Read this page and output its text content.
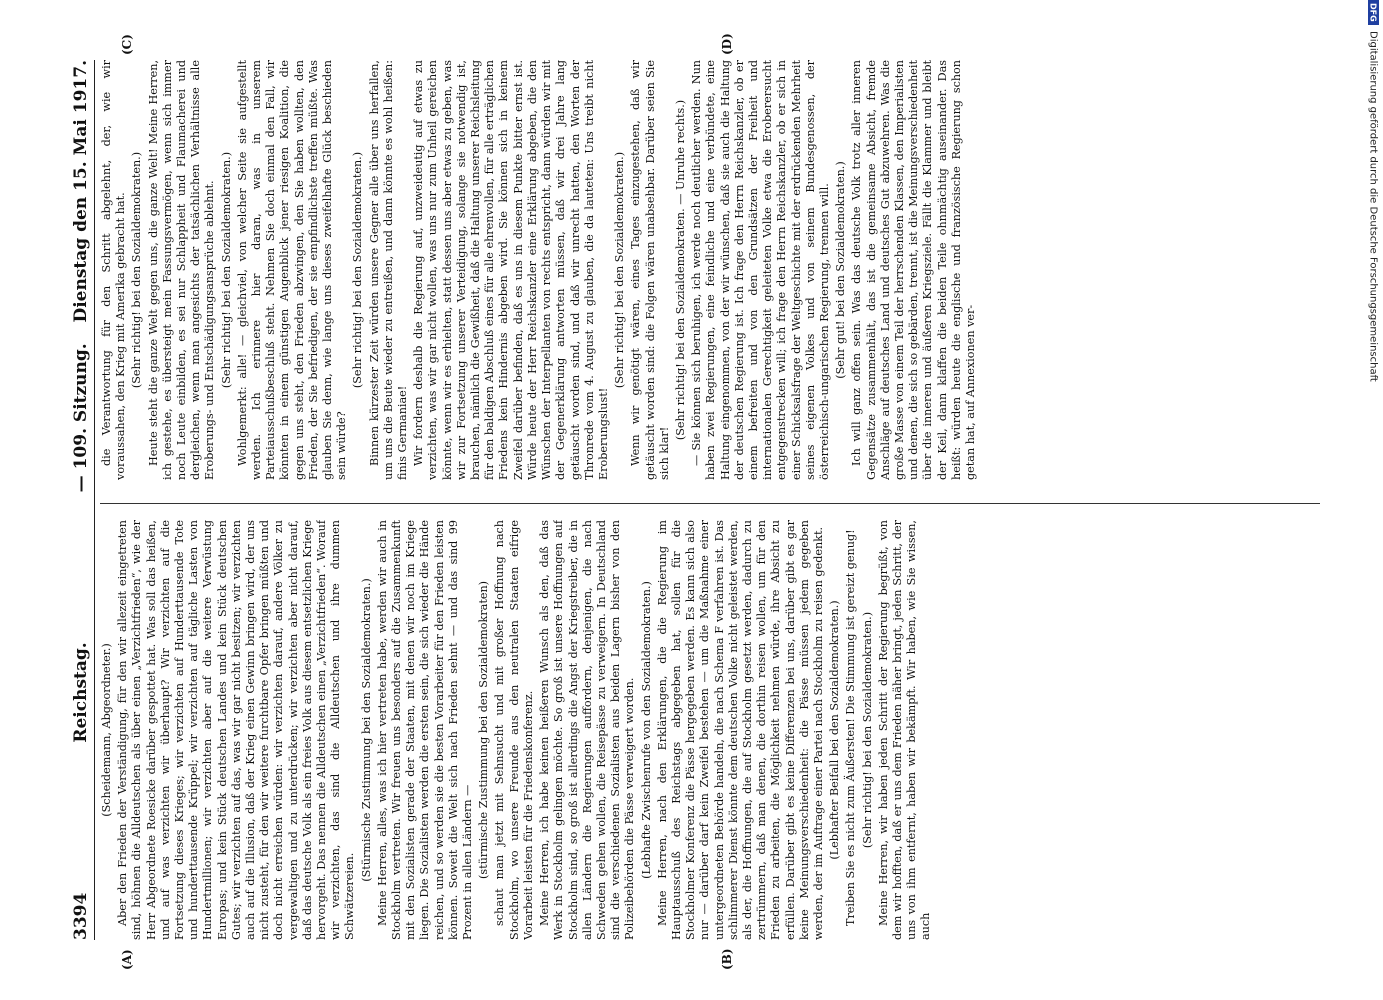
3394
Reichstag.
— 109. Sitzung.
Dienstag den 15. Mai 1917.
(A)	(B)
(C)	(D)

(Scheidemann, Abgeordneter.) Aber den Frieden der Verständigung, für den wir allezeit eingetreten sind, höhnen die Alldeutschen als über einen „Verzichtfrieden“, wie der Herr Abgeordnete Roesicke darüber gespottet hat. Was soll das heißen, und auf was verzichten wir überhaupt? Wir verzichten auf die Fortsetzung dieses Krieges; wir verzichten auf Hunderttausende Tote und hunderttausende Krüppel; wir verzichten auf tägliche Lasten von Hundertmillionen; wir verzichten aber auf die weitere Verwüstung Europas; und kein Stück deutschen Landes und kein Stück deutschen Gutes; wir verzichten auf das, was wir gar nicht besitzen; wir verzichten auch auf die Illusion, daß der Krieg einen Gewinn bringen wird, der uns nicht zusteht, für den wir weitere furchtbare Opfer bringen müßten und doch nicht erreichen würden: wir verzichten darauf, andere Völker zu vergewaltigen und zu unterdrücken; wir verzichten aber nicht darauf, daß das deutsche Volk als ein freies Volk aus diesem entsetzlichen Kriege hervorgeht. Das nennen die Alldeutschen einen „Verzichtfrieden“. Worauf wir verzichten, das sind die Alldeutschen und ihre dummen Schwätzereien.

(Stürmische Zustimmung bei den Sozialdemokraten.) Meine Herren, alles, was ich hier vertreten habe, werden wir auch in Stockholm vertreten. Wir freuen uns besonders auf die Zusammenkunft mit den Sozialisten gerade der Staaten, mit denen wir noch im Kriege liegen. Die Sozialisten werden die ersten sein, die sich wieder die Hände reichen, und so werden sie die besten Vorarbeiter für den Frieden leisten können. Soweit die Welt sich nach Frieden sehnt — und das sind 99 Prozent in allen Ländern — (stürmische Zustimmung bei den Sozialdemokraten) schaut man jetzt mit Sehnsucht und mit großer Hoffnung nach Stockholm, wo unsere Freunde aus den neutralen Staaten eifrige Vorarbeit leisten für die Friedenskonferenz. Meine Herren, ich habe keinen heißeren Wunsch als den, daß das Werk in Stockholm gelingen möchte. So groß ist unsere Hoffnungen auf Stockholm sind, so groß ist allerdings die Angst der Kriegstreiber, die in allen Ländern die Regierungen auffordern, denjenigen, die nach Schweden gehen wollen, die Reisepässe zu verweigern. In Deutschland sind die verschiedenen Sozialisten aus beiden Lagern bisher von den Polizeibehörden die Pässe verweigert worden. (Lebhafte Zwischenrufe von den Sozialdemokraten.) Meine Herren, nach den Erklärungen, die die Regierung im Hauptausschuß des Reichstags abgegeben hat, sollen für die Stockholmer Konferenz die Pässe hergegeben werden. Es kann sich also nur — darüber darf kein Zweifel bestehen — um die Maßnahme einer untergeordneten Behörde handeln, die nach Schema F verfahren ist. Das schlimmerer Dienst könnte dem deutschen Volke nicht geleistet werden, als der, die Hoffnungen, die auf Stockholm gesetzt werden, dadurch zu zertrümmern, daß man denen, die dorthin reisen wollen, um für den Frieden zu arbeiten, die Möglichkeit nehmen würde, ihre Absicht zu erfüllen. Darüber gibt es keine Differenzen bei uns, darüber gibt es gar keine Meinungsverschiedenheit: die Pässe müssen jedem gegeben werden, der im Auftrage einer Partei nach Stockholm zu reisen gedenkt. (Lebhafter Beifall bei den Sozialdemokraten.) Treiben Sie es nicht zum Äußersten! Die Stimmung ist gereizt genug! (Sehr richtig! bei den Sozialdemokraten.) Meine Herren, wir haben jeden Schritt der Regierung begrüßt, von dem wir hofften, daß er uns dem Frieden näher bringt, jeden Schritt, der uns von ihm entfernt, haben wir bekämpft. Wir haben, wie Sie wissen, auch

die Verantwortung für den Schritt abgelehnt, der, wie wir voraussahen, den Krieg mit Amerika gebracht hat. (Sehr richtig! bei den Sozialdemokraten.) Heute steht die ganze Welt gegen uns, die ganze Welt! Meine Herren, ich gestehe, es übersteigt mein Fassungsvermögen, wenn sich immer noch Leute einbilden, es sei nur Schlappheit und Flaumacherei und dergleichen, wenn man angesichts der tatsächlichen Verhältnisse alle Eroberungs- und Entschädigungsansprüche ablehnt. (Sehr richtig! bei den Sozialdemokraten.) Wohlgemerkt: alle! — gleichviel, von welcher Seite sie aufgestellt werden. Ich erinnere hier daran, was in unserem Parteiausschußbeschluß steht. Nehmen Sie doch einmal den Fall, wir könnten in einem günstigen Augenblick jener riesigen Koalition, die gegen uns steht, den Frieden abzwingen, den Sie haben wollten, den Frieden, der Sie befriedigen, der sie empfindlichste treffen müßte. Was glauben Sie denn, wie lange uns dieses zweifelhafte Glück beschieden sein würde?

(Sehr richtig! bei den Sozialdemokraten.) Binnen kürzester Zeit würden unsere Gegner alle über uns herfallen, um uns die Beute wieder zu entreißen, und dann könnte es wohl heißen: finis Germaniae! Wir fordern deshalb die Regierung auf, unzweideutig auf etwas zu verzichten, was wir gar nicht wollen, was uns nur zum Unheil gereichen könnte, wenn wir es erhielten, statt dessen uns aber etwas zu geben, was wir zur Fortsetzung unserer Verteidigung, solange sie notwendig ist, brauchen, nämlich die Gewißheit, daß die Haltung unserer Reichsleitung für den baldigen Abschluß eines für alle ehrenvollen, für alle erträglichen Friedens kein Hindernis abgeben wird. Sie können sich in keinem Zweifel darüber befinden, daß es uns in diesem Punkte bitter ernst ist. Würde heute der Herr Reichskanzler eine Erklärung abgeben, die den Wünschen der Interpellanten von rechts entspricht, dann würden wir mit der Gegenerklärung antworten müssen, daß wir drei Jahre lang getäuscht worden sind, und daß wir unrecht hatten, den Worten der Thronrede vom 4. August zu glauben, die da lauteten: Uns treibt nicht Eroberungslust!

(Sehr richtig! bei den Sozialdemokraten.) Wenn wir genötigt wären, eines Tages einzugestehen, daß wir getäuscht worden sind: die Folgen wären unabsehbar. Darüber seien Sie sich klar!

(Sehr richtig! bei den Sozialdemokraten. — Unruhe rechts.) — Sie können sich beruhigen, ich werde noch deutlicher werden. Nun haben zwei Regierungen, eine feindliche und eine verbündete, eine Haltung eingenommen, von der wir wünschen, daß sie auch die Haltung der deutschen Regierung ist. Ich frage den Herrn Reichskanzler, ob er einem befreiten und von den Grundsätzen der Freiheit und internationalen Gerechtigkeit geleiteten Volke etwa die Eroberersucht entgegenstrecken will; ich frage den Herrn Reichskanzler, ob er sich in einer Schicksalsfrage der Weltgeschichte mit der erdrückenden Mehrheit seines eigenen Volkes und von seinem Bundesgenossen, der österreichisch-ungarischen Regierung, trennen will. (Sehr gut! bei den Sozialdemokraten.) Ich will ganz offen sein. Was das deutsche Volk trotz aller inneren Gegensätze zusammenhält, das ist die gemeinsame Absicht, fremde Anschläge auf deutsches Land und deutsches Gut abzuwehren. Was die große Masse von einem Teil der herrschenden Klassen, den Imperialisten und denen, die sich so gebärden, trennt, ist die Meinungsverschiedenheit über die inneren und äußeren Kriegsziele. Fällt die Klammer und bleibt der Keil, dann klaffen die beiden Teile ohnmächtig auseinander. Das heißt: würden heute die englische und französische Regierung schon getan hat, auf Annexionen ver-

DFG
Digitalisierung gefördert durch die Deutsche Forschungsgemeinschaft
